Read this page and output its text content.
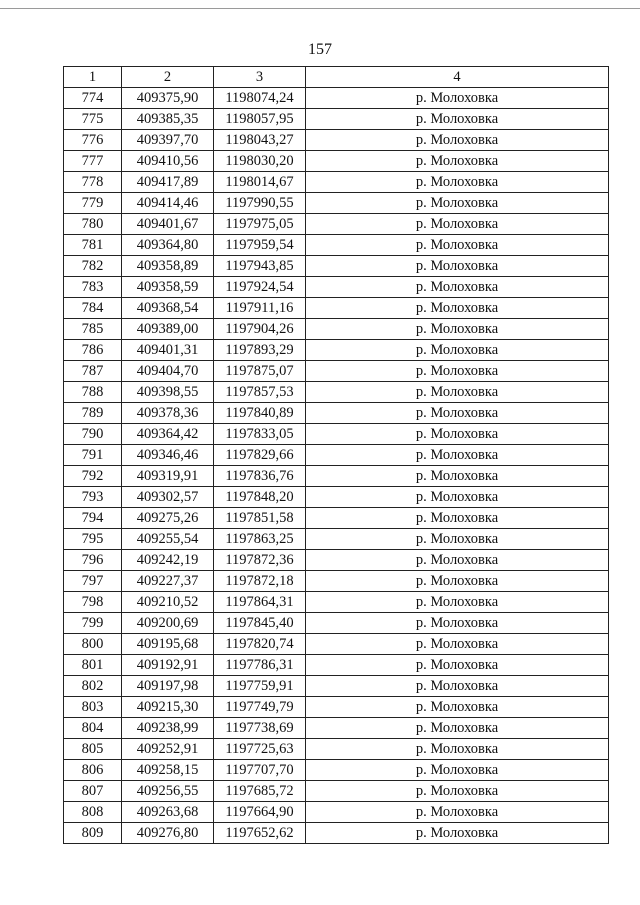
157
1	2	3	4
774	409375,90	1198074,24	р. Молоховка
775	409385,35	1198057,95	р. Молоховка
776	409397,70	1198043,27	р. Молоховка
777	409410,56	1198030,20	р. Молоховка
778	409417,89	1198014,67	р. Молоховка
779	409414,46	1197990,55	р. Молоховка
780	409401,67	1197975,05	р. Молоховка
781	409364,80	1197959,54	р. Молоховка
782	409358,89	1197943,85	р. Молоховка
783	409358,59	1197924,54	р. Молоховка
784	409368,54	1197911,16	р. Молоховка
785	409389,00	1197904,26	р. Молоховка
786	409401,31	1197893,29	р. Молоховка
787	409404,70	1197875,07	р. Молоховка
788	409398,55	1197857,53	р. Молоховка
789	409378,36	1197840,89	р. Молоховка
790	409364,42	1197833,05	р. Молоховка
791	409346,46	1197829,66	р. Молоховка
792	409319,91	1197836,76	р. Молоховка
793	409302,57	1197848,20	р. Молоховка
794	409275,26	1197851,58	р. Молоховка
795	409255,54	1197863,25	р. Молоховка
796	409242,19	1197872,36	р. Молоховка
797	409227,37	1197872,18	р. Молоховка
798	409210,52	1197864,31	р. Молоховка
799	409200,69	1197845,40	р. Молоховка
800	409195,68	1197820,74	р. Молоховка
801	409192,91	1197786,31	р. Молоховка
802	409197,98	1197759,91	р. Молоховка
803	409215,30	1197749,79	р. Молоховка
804	409238,99	1197738,69	р. Молоховка
805	409252,91	1197725,63	р. Молоховка
806	409258,15	1197707,70	р. Молоховка
807	409256,55	1197685,72	р. Молоховка
808	409263,68	1197664,90	р. Молоховка
809	409276,80	1197652,62	р. Молоховка
